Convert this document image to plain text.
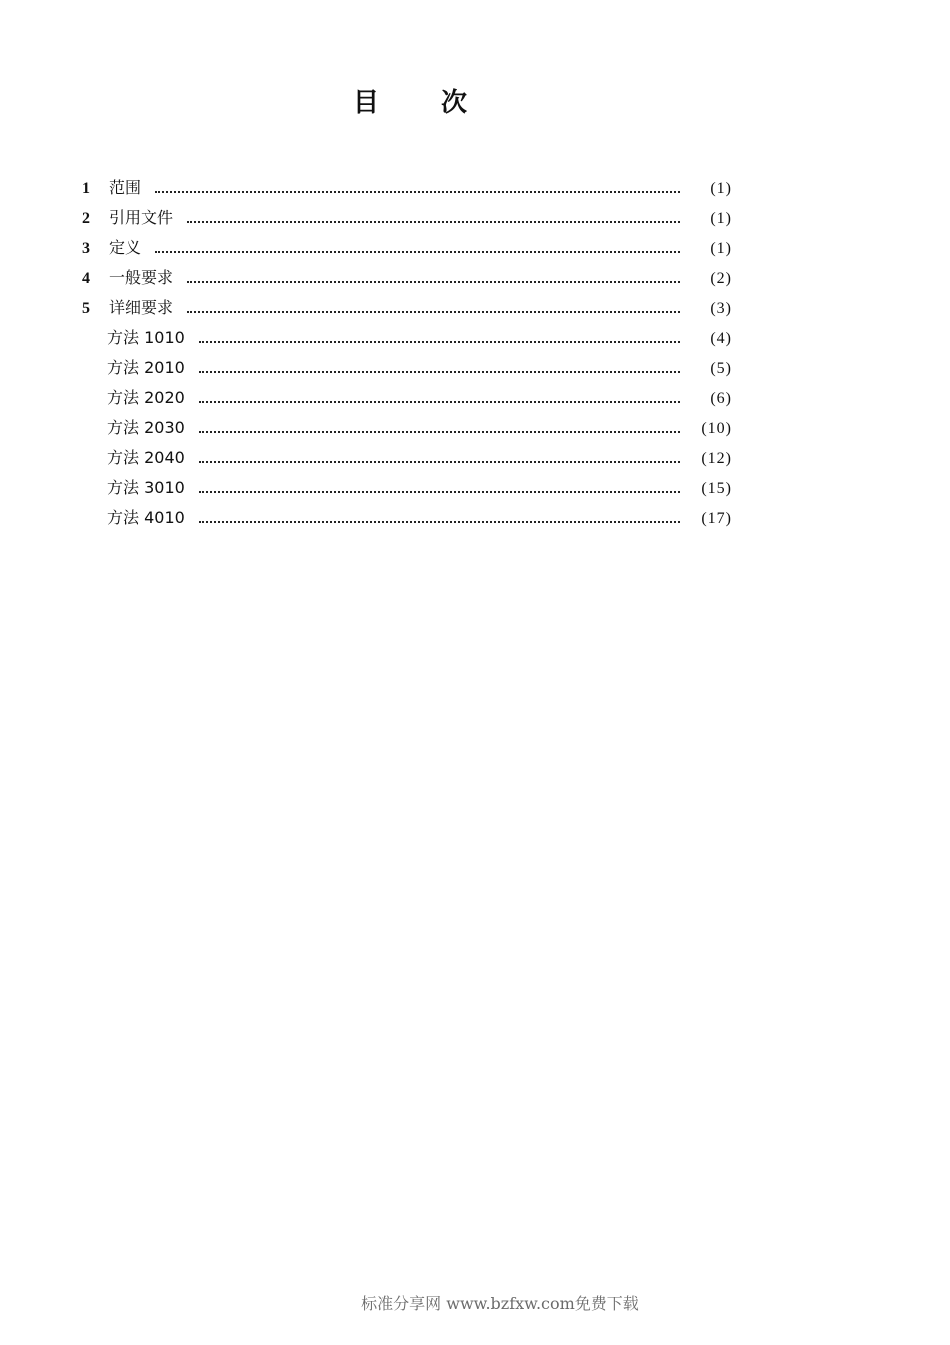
目次
1	范围	(1)
2	引用文件	(1)
3	定义	(1)
4	一般要求	(2)
5	详细要求	(3)
方法 1010	(4)
方法 2010	(5)
方法 2020	(6)
方法 2030	(10)
方法 2040	(12)
方法 3010	(15)
方法 4010	(17)
标准分享网 www.bzfxw.com免费下载
